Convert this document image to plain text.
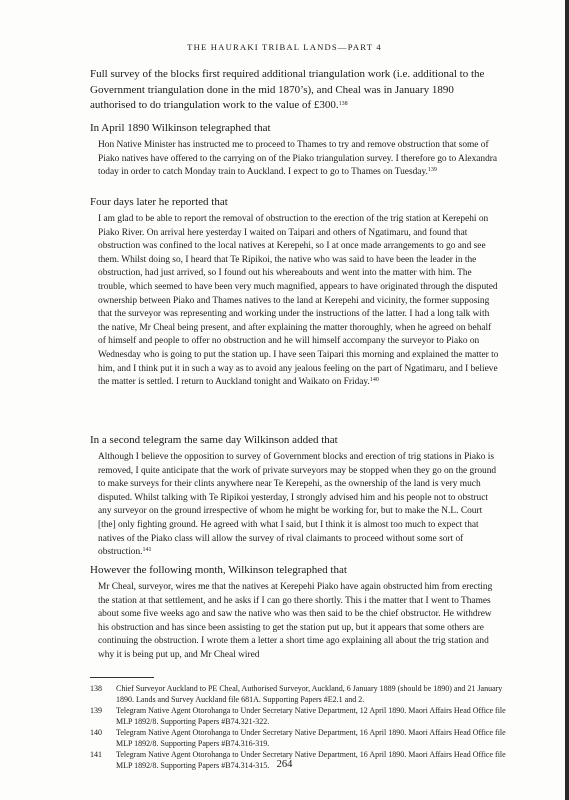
THE HAURAKI TRIBAL LANDS—PART 4

Full survey of the blocks first required additional triangulation work (i.e. additional to the Government triangulation done in the mid 1870’s), and Cheal was in January 1890 authorised to do triangulation work to the value of £300.$^{138}$

In April 1890 Wilkinson telegraphed that

Hon Native Minister has instructed me to proceed to Thames to try and remove obstruction that some of Piako natives have offered to the carrying on of the Piako triangulation survey. I therefore go to Alexandra today in order to catch Monday train to Auckland. I expect to go to Thames on Tuesday.$^{139}$

Four days later he reported that

I am glad to be able to report the removal of obstruction to the erection of the trig station at Kerepehi on Piako River. On arrival here yesterday I waited on Taipari and others of Ngatimaru, and found that obstruction was confined to the local natives at Kerepehi, so I at once made arrangements to go and see them. Whilst doing so, I heard that Te Ripikoi, the native who was said to have been the leader in the obstruction, had just arrived, so I found out his whereabouts and went into the matter with him. The trouble, which seemed to have been very much magnified, appears to have originated through the disputed ownership between Piako and Thames natives to the land at Kerepehi and vicinity, the former supposing that the surveyor was representing and working under the instructions of the latter. I had a long talk with the native, Mr Cheal being present, and after explaining the matter thoroughly, when he agreed on behalf of himself and people to offer no obstruction and he will himself accompany the surveyor to Piako on Wednesday who is going to put the station up. I have seen Taipari this morning and explained the matter to him, and I think put it in such a way as to avoid any jealous feeling on the part of Ngatimaru, and I believe the matter is settled. I return to Auckland tonight and Waikato on Friday.$^{140}$

In a second telegram the same day Wilkinson added that

Although I believe the opposition to survey of Government blocks and erection of trig stations in Piako is removed, I quite anticipate that the work of private surveyors may be stopped when they go on the ground to make surveys for their clints anywhere near Te Kerepehi, as the ownership of the land is very much disputed. Whilst talking with Te Ripikoi yesterday, I strongly advised him and his people not to obstruct any surveyor on the ground irrespective of whom he might be working for, but to make the N.L. Court [the] only fighting ground. He agreed with what I said, but I think it is almost too much to expect that natives of the Piako class will allow the survey of rival claimants to proceed without some sort of obstruction.$^{141}$

However the following month, Wilkinson telegraphed that

Mr Cheal, surveyor, wires me that the natives at Kerepehi Piako have again obstructed him from erecting the station at that settlement, and he asks if I can go there shortly. This i the matter that I went to Thames about some five weeks ago and saw the native who was then said to be the chief obstructor. He withdrew his obstruction and has since been assisting to get the station put up, but it appears that some others are continuing the obstruction. I wrote them a letter a short time ago explaining all about the trig station and why it is being put up, and Mr Cheal wired

138	Chief Surveyor Auckland to PE Cheal, Authorised Surveyor, Auckland, 6 January 1889 (should be 1890) and 21 January 1890. Lands and Survey Auckland file 681A. Supporting Papers #E2.1 and 2.
139	Telegram Native Agent Otorohanga to Under Secretary Native Department, 12 April 1890. Maori Affairs Head Office file MLP 1892/8. Supporting Papers #B74.321-322.
140	Telegram Native Agent Otorohanga to Under Secretary Native Department, 16 April 1890. Maori Affairs Head Office file MLP 1892/8. Supporting Papers #B74.316-319.
141	Telegram Native Agent Otorohanga to Under Secretary Native Department, 16 April 1890. Maori Affairs Head Office file MLP 1892/8. Supporting Papers #B74.314-315. 264
